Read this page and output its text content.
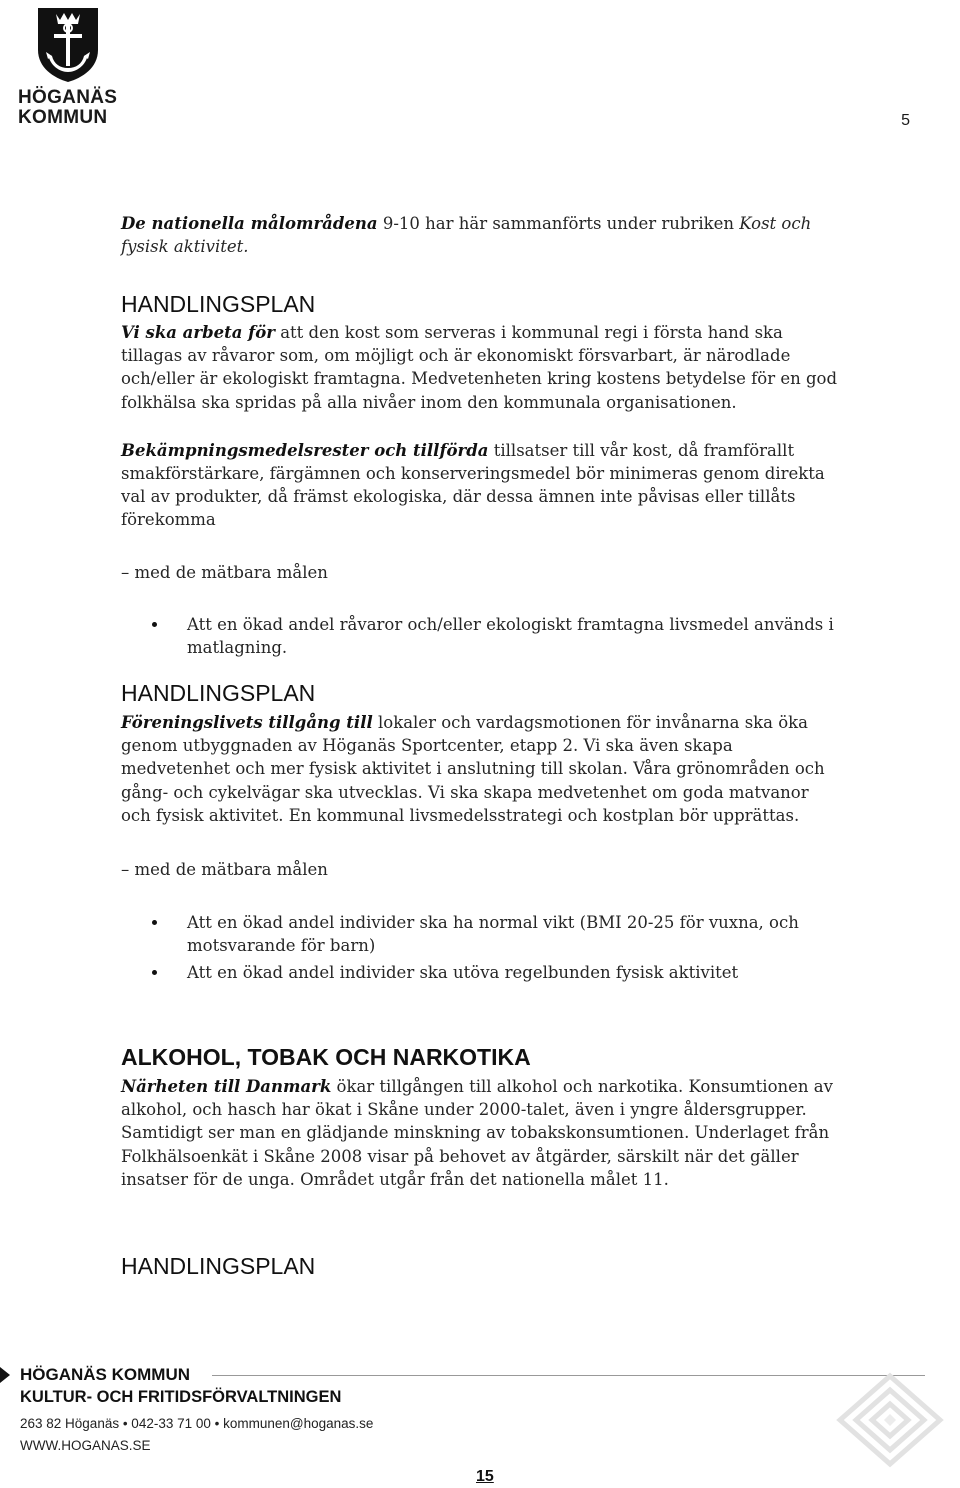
HÖGANÄS
KOMMUN	5

De nationella målområdena 9-10 har här sammanförts under rubriken Kost och fysisk aktivitet.

HANDLINGSPLAN

Vi ska arbeta för att den kost som serveras i kommunal regi i första hand ska tillagas av råvaror som, om möjligt och är ekonomiskt försvarbart, är närodlade och/eller är ekologiskt framtagna. Medvetenheten kring kostens betydelse för en god folkhälsa ska spridas på alla nivåer inom den kommunala organisationen.

Bekämpningsmedelsrester och tillförda tillsatser till vår kost, då framförallt smakförstärkare, färgämnen och konserveringsmedel bör minimeras genom direkta val av produkter, då främst ekologiska, där dessa ämnen inte påvisas eller tillåts förekomma

– med de mätbara målen
Att en ökad andel råvaror och/eller ekologiskt framtagna livsmedel används i matlagning.
HANDLINGSPLAN

Föreningslivets tillgång till lokaler och vardagsmotionen för invånarna ska öka genom utbyggnaden av Höganäs Sportcenter, etapp 2. Vi ska även skapa medvetenhet och mer fysisk aktivitet i anslutning till skolan. Våra grönområden och gång- och cykelvägar ska utvecklas. Vi ska skapa medvetenhet om goda matvanor och fysisk aktivitet. En kommunal livsmedelsstrategi och kostplan bör upprättas.

– med de mätbara målen
Att en ökad andel individer ska ha normal vikt (BMI 20-25 för vuxna, och motsvarande för barn)
Att en ökad andel individer ska utöva regelbunden fysisk aktivitet
ALKOHOL, TOBAK OCH NARKOTIKA

Närheten till Danmark ökar tillgången till alkohol och narkotika. Konsumtionen av alkohol, och hasch har ökat i Skåne under 2000-talet, även i yngre åldersgrupper. Samtidigt ser man en glädjande minskning av tobakskonsumtionen. Underlaget från Folkhälsoenkät i Skåne 2008 visar på behovet av åtgärder, särskilt när det gäller insatser för de unga. Området utgår från det nationella målet 11.

HANDLINGSPLAN
HÖGANÄS KOMMUN
KULTUR- OCH FRITIDSFÖRVALTNINGEN
263 82 Höganäs • 042-33 71 00 • kommunen@hoganas.se
WWW.HOGANAS.SE
15
